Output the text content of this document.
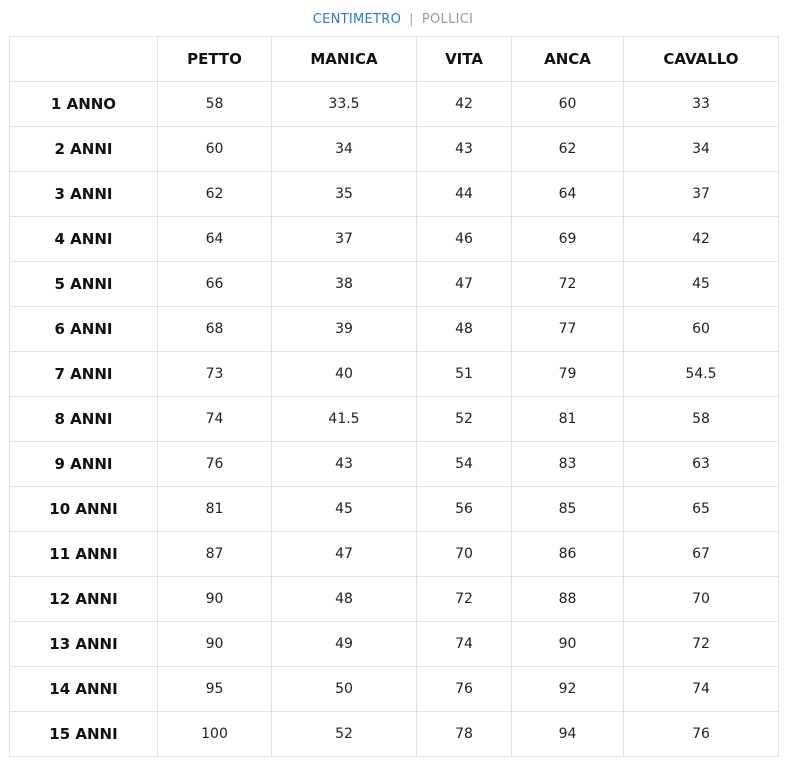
CENTIMETRO | POLLICI
	PETTO	MANICA	VITA	ANCA	CAVALLO
1 ANNO	58	33.5	42	60	33
2 ANNI	60	34	43	62	34
3 ANNI	62	35	44	64	37
4 ANNI	64	37	46	69	42
5 ANNI	66	38	47	72	45
6 ANNI	68	39	48	77	60
7 ANNI	73	40	51	79	54.5
8 ANNI	74	41.5	52	81	58
9 ANNI	76	43	54	83	63
10 ANNI	81	45	56	85	65
11 ANNI	87	47	70	86	67
12 ANNI	90	48	72	88	70
13 ANNI	90	49	74	90	72
14 ANNI	95	50	76	92	74
15 ANNI	100	52	78	94	76
